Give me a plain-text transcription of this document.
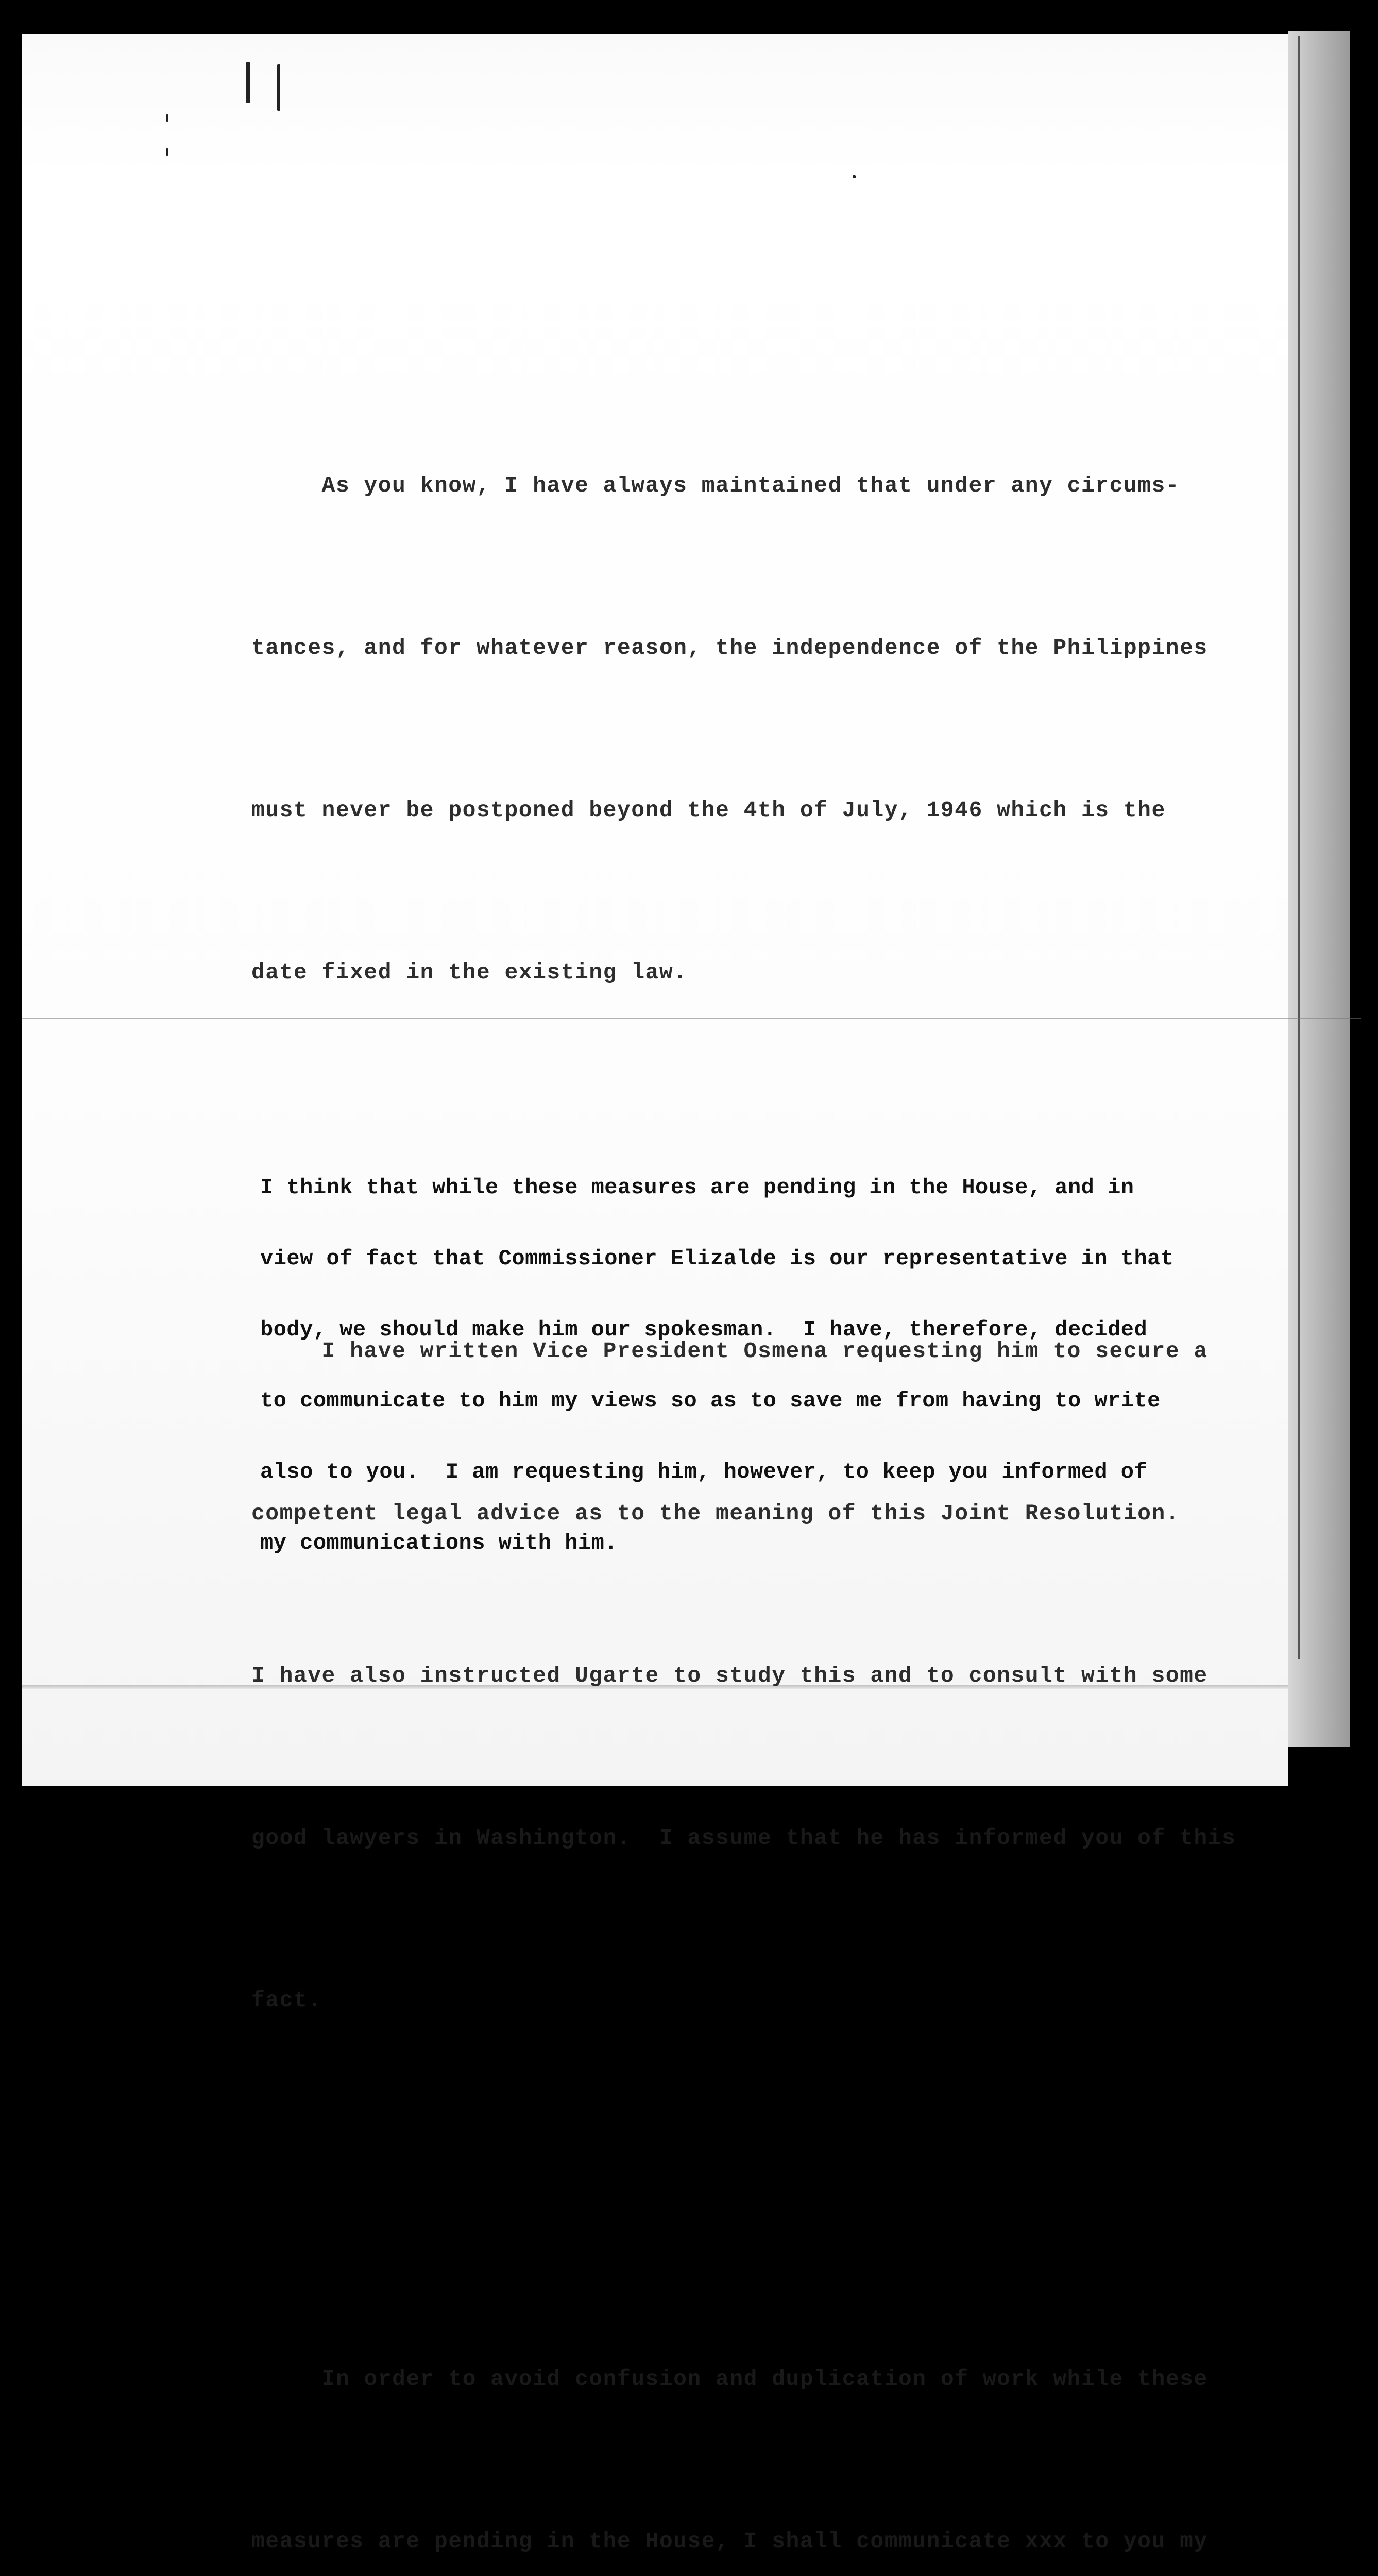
As you know, I have always maintained that under any circums-

tances, and for whatever reason, the independence of the Philippines

must never be postponed beyond the 4th of July, 1946 which is the

date fixed in the existing law.

I have written Vice President Osmena requesting him to secure a

competent legal advice as to the meaning of this Joint Resolution.

I have also instructed Ugarte to study this and to consult with some

good lawyers in Washington.  I assume that he has informed you of this

fact.

In order to avoid confusion and duplication of work while these

measures are pending in the House, I shall communicate xxx to you my

I think that while these measures are pending in the House, and in

view of fact that Commissioner Elizalde is our representative in that

body, we should make him our spokesman.  I have, therefore, decided

to communicate to him my views so as to save me from having to write

also to you.  I am requesting him, however, to keep you informed of

my communications with him.
